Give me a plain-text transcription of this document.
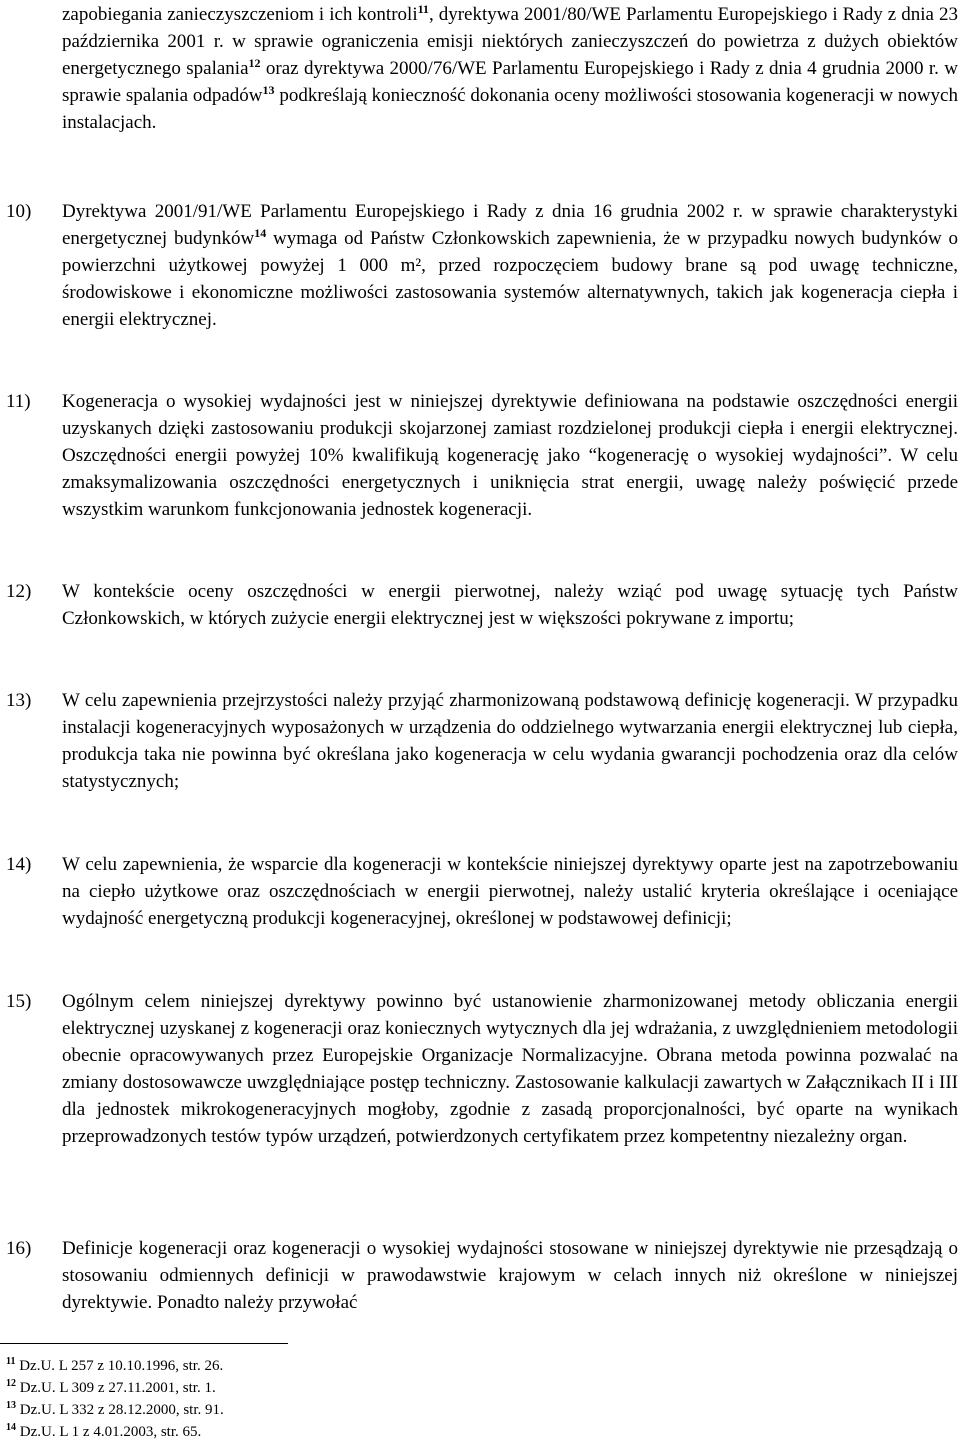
zapobiegania zanieczyszczeniom i ich kontroli$^{11}$, dyrektywa 2001/80/WE Parlamentu Europejskiego i Rady z dnia 23 października 2001 r. w sprawie ograniczenia emisji niektórych zanieczyszczeń do powietrza z dużych obiektów energetycznego spalania$^{12}$ oraz dyrektywa 2000/76/WE Parlamentu Europejskiego i Rady z dnia 4 grudnia 2000 r. w sprawie spalania odpadów$^{13}$ podkreślają konieczność dokonania oceny możliwości stosowania kogeneracji w nowych instalacjach.

10) Dyrektywa 2001/91/WE Parlamentu Europejskiego i Rady z dnia 16 grudnia 2002 r. w sprawie charakterystyki energetycznej budynków$^{14}$ wymaga od Państw Członkowskich zapewnienia, że w przypadku nowych budynków o powierzchni użytkowej powyżej 1 000 m², przed rozpoczęciem budowy brane są pod uwagę techniczne, środowiskowe i ekonomiczne możliwości zastosowania systemów alternatywnych, takich jak kogeneracja ciepła i energii elektrycznej.

11) Kogeneracja o wysokiej wydajności jest w niniejszej dyrektywie definiowana na podstawie oszczędności energii uzyskanych dzięki zastosowaniu produkcji skojarzonej zamiast rozdzielonej produkcji ciepła i energii elektrycznej. Oszczędności energii powyżej 10% kwalifikują kogenerację jako “kogenerację o wysokiej wydajności”. W celu zmaksymalizowania oszczędności energetycznych i uniknięcia strat energii, uwagę należy poświęcić przede wszystkim warunkom funkcjonowania jednostek kogeneracji.

12) W kontekście oceny oszczędności w energii pierwotnej, należy wziąć pod uwagę sytuację tych Państw Członkowskich, w których zużycie energii elektrycznej jest w większości pokrywane z importu;

13) W celu zapewnienia przejrzystości należy przyjąć zharmonizowaną podstawową definicję kogeneracji. W przypadku instalacji kogeneracyjnych wyposażonych w urządzenia do oddzielnego wytwarzania energii elektrycznej lub ciepła, produkcja taka nie powinna być określana jako kogeneracja w celu wydania gwarancji pochodzenia oraz dla celów statystycznych;

14) W celu zapewnienia, że wsparcie dla kogeneracji w kontekście niniejszej dyrektywy oparte jest na zapotrzebowaniu na ciepło użytkowe oraz oszczędnościach w energii pierwotnej, należy ustalić kryteria określające i oceniające wydajność energetyczną produkcji kogeneracyjnej, określonej w podstawowej definicji;

15) Ogólnym celem niniejszej dyrektywy powinno być ustanowienie zharmonizowanej metody obliczania energii elektrycznej uzyskanej z kogeneracji oraz koniecznych wytycznych dla jej wdrażania, z uwzględnieniem metodologii obecnie opracowywanych przez Europejskie Organizacje Normalizacyjne. Obrana metoda powinna pozwalać na zmiany dostosowawcze uwzględniające postęp techniczny. Zastosowanie kalkulacji zawartych w Załącznikach II i III dla jednostek mikrokogeneracyjnych mogłoby, zgodnie z zasadą proporcjonalności, być oparte na wynikach przeprowadzonych testów typów urządzeń, potwierdzonych certyfikatem przez kompetentny niezależny organ.

16) Definicje kogeneracji oraz kogeneracji o wysokiej wydajności stosowane w niniejszej dyrektywie nie przesądzają o stosowaniu odmiennych definicji w prawodawstwie krajowym w celach innych niż określone w niniejszej dyrektywie. Ponadto należy przywołać

$^{11}$ Dz.U. L 257 z 10.10.1996, str. 26.

$^{12}$ Dz.U. L 309 z 27.11.2001, str. 1.

$^{13}$ Dz.U. L 332 z 28.12.2000, str. 91.

$^{14}$ Dz.U. L 1 z 4.01.2003, str. 65.
